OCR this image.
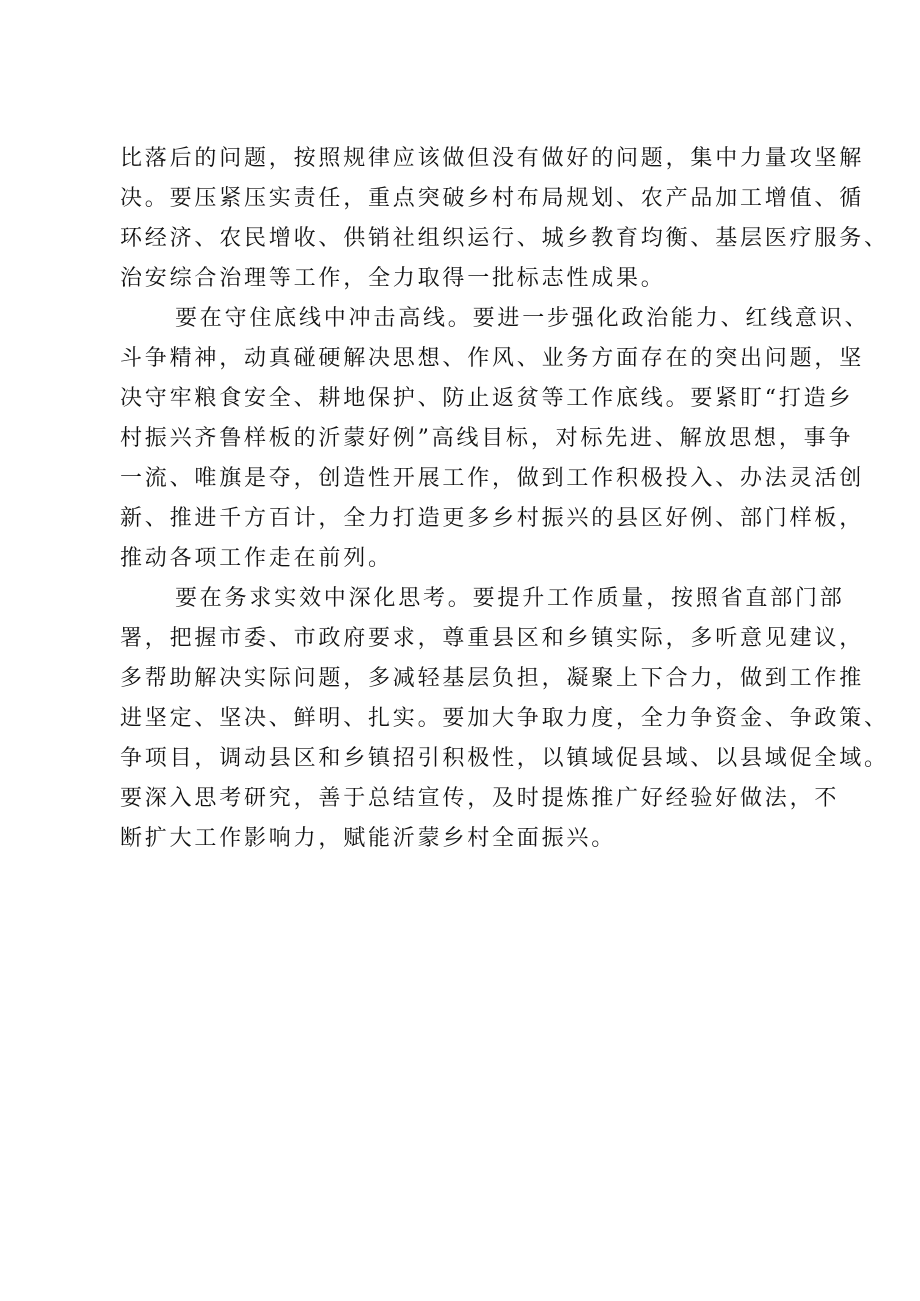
比落后的问题，按照规律应该做但没有做好的问题，集中力量攻坚解
决。要压紧压实责任，重点突破乡村布局规划、农产品加工增值、循
环经济、农民增收、供销社组织运行、城乡教育均衡、基层医疗服务、
治安综合治理等工作，全力取得一批标志性成果。
要在守住底线中冲击高线。要进一步强化政治能力、红线意识、
斗争精神，动真碰硬解决思想、作风、业务方面存在的突出问题，坚
决守牢粮食安全、耕地保护、防止返贫等工作底线。要紧盯“打造乡
村振兴齐鲁样板的沂蒙好例”高线目标，对标先进、解放思想，事争
一流、唯旗是夺，创造性开展工作，做到工作积极投入、办法灵活创
新、推进千方百计，全力打造更多乡村振兴的县区好例、部门样板，
推动各项工作走在前列。
要在务求实效中深化思考。要提升工作质量，按照省直部门部
署，把握市委、市政府要求，尊重县区和乡镇实际，多听意见建议，
多帮助解决实际问题，多减轻基层负担，凝聚上下合力，做到工作推
进坚定、坚决、鲜明、扎实。要加大争取力度，全力争资金、争政策、
争项目，调动县区和乡镇招引积极性，以镇域促县域、以县域促全域。
要深入思考研究，善于总结宣传，及时提炼推广好经验好做法，不
断扩大工作影响力，赋能沂蒙乡村全面振兴。
